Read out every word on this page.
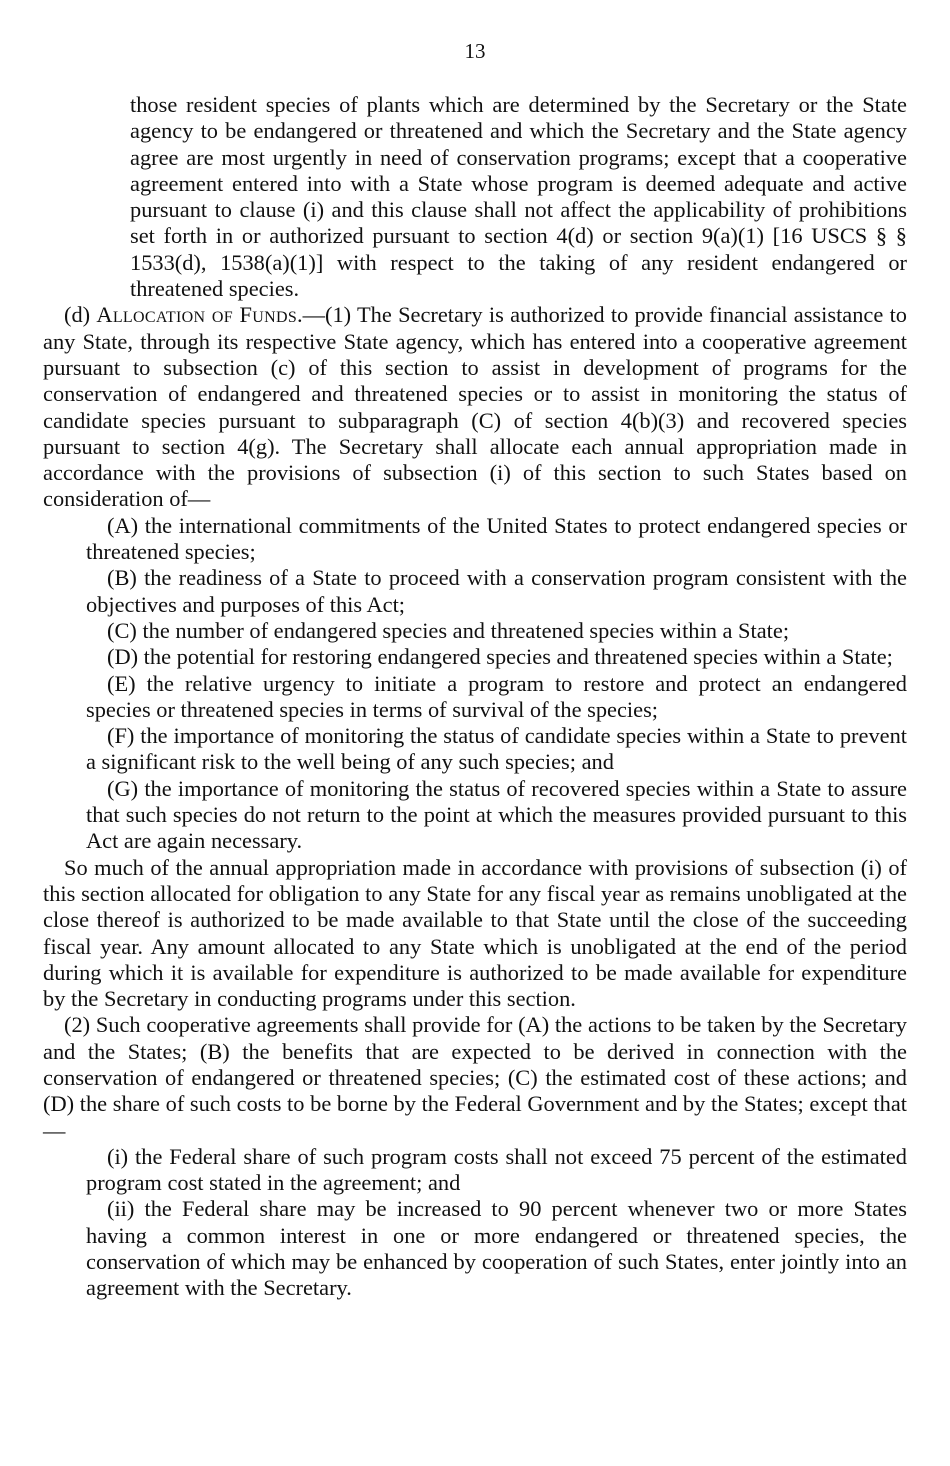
13

those resident species of plants which are determined by the Secretary or the State agency to be endangered or threatened and which the Secretary and the State agency agree are most urgently in need of conservation programs; except that a cooperative agreement entered into with a State whose program is deemed adequate and active pursuant to clause (i) and this clause shall not affect the applicability of prohibitions set forth in or authorized pursuant to section 4(d) or section 9(a)(1) [16 USCS § § 1533(d), 1538(a)(1)] with respect to the taking of any resident endangered or threatened species.

(d) Allocation of Funds.—(1) The Secretary is authorized to provide financial assistance to any State, through its respective State agency, which has entered into a cooperative agreement pursuant to subsection (c) of this section to assist in development of programs for the conservation of endangered and threatened species or to assist in monitoring the status of candidate species pursuant to subparagraph (C) of section 4(b)(3) and recovered species pursuant to section 4(g). The Secretary shall allocate each annual appropriation made in accordance with the provisions of subsection (i) of this section to such States based on consideration of—

(A) the international commitments of the United States to protect endangered species or threatened species;

(B) the readiness of a State to proceed with a conservation program consistent with the objectives and purposes of this Act;

(C) the number of endangered species and threatened species within a State;

(D) the potential for restoring endangered species and threatened species within a State;

(E) the relative urgency to initiate a program to restore and protect an endangered species or threatened species in terms of survival of the species;

(F) the importance of monitoring the status of candidate species within a State to prevent a significant risk to the well being of any such species; and

(G) the importance of monitoring the status of recovered species within a State to assure that such species do not return to the point at which the measures provided pursuant to this Act are again necessary.

So much of the annual appropriation made in accordance with provisions of subsection (i) of this section allocated for obligation to any State for any fiscal year as remains unobligated at the close thereof is authorized to be made available to that State until the close of the succeeding fiscal year. Any amount allocated to any State which is unobligated at the end of the period during which it is available for expenditure is authorized to be made available for expenditure by the Secretary in conducting programs under this section.

(2) Such cooperative agreements shall provide for (A) the actions to be taken by the Secretary and the States; (B) the benefits that are expected to be derived in connection with the conservation of endangered or threatened species; (C) the estimated cost of these actions; and (D) the share of such costs to be borne by the Federal Government and by the States; except that—

(i) the Federal share of such program costs shall not exceed 75 percent of the estimated program cost stated in the agreement; and

(ii) the Federal share may be increased to 90 percent whenever two or more States having a common interest in one or more endangered or threatened species, the conservation of which may be enhanced by cooperation of such States, enter jointly into an agreement with the Secretary.
